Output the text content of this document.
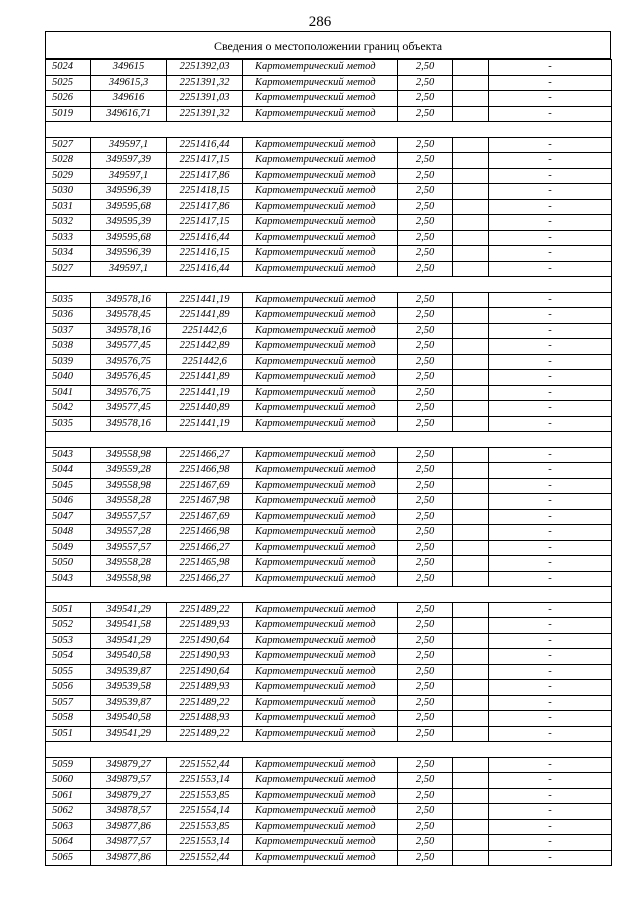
286
Сведения о местоположении границ объекта
5024	349615	2251392,03	Картометрический метод	2,50		-
5025	349615,3	2251391,32	Картометрический метод	2,50		-
5026	349616	2251391,03	Картометрический метод	2,50		-
5019	349616,71	2251391,32	Картометрический метод	2,50		-

5027	349597,1	2251416,44	Картометрический метод	2,50		-
5028	349597,39	2251417,15	Картометрический метод	2,50		-
5029	349597,1	2251417,86	Картометрический метод	2,50		-
5030	349596,39	2251418,15	Картометрический метод	2,50		-
5031	349595,68	2251417,86	Картометрический метод	2,50		-
5032	349595,39	2251417,15	Картометрический метод	2,50		-
5033	349595,68	2251416,44	Картометрический метод	2,50		-
5034	349596,39	2251416,15	Картометрический метод	2,50		-
5027	349597,1	2251416,44	Картометрический метод	2,50		-

5035	349578,16	2251441,19	Картометрический метод	2,50		-
5036	349578,45	2251441,89	Картометрический метод	2,50		-
5037	349578,16	2251442,6	Картометрический метод	2,50		-
5038	349577,45	2251442,89	Картометрический метод	2,50		-
5039	349576,75	2251442,6	Картометрический метод	2,50		-
5040	349576,45	2251441,89	Картометрический метод	2,50		-
5041	349576,75	2251441,19	Картометрический метод	2,50		-
5042	349577,45	2251440,89	Картометрический метод	2,50		-
5035	349578,16	2251441,19	Картометрический метод	2,50		-

5043	349558,98	2251466,27	Картометрический метод	2,50		-
5044	349559,28	2251466,98	Картометрический метод	2,50		-
5045	349558,98	2251467,69	Картометрический метод	2,50		-
5046	349558,28	2251467,98	Картометрический метод	2,50		-
5047	349557,57	2251467,69	Картометрический метод	2,50		-
5048	349557,28	2251466,98	Картометрический метод	2,50		-
5049	349557,57	2251466,27	Картометрический метод	2,50		-
5050	349558,28	2251465,98	Картометрический метод	2,50		-
5043	349558,98	2251466,27	Картометрический метод	2,50		-

5051	349541,29	2251489,22	Картометрический метод	2,50		-
5052	349541,58	2251489,93	Картометрический метод	2,50		-
5053	349541,29	2251490,64	Картометрический метод	2,50		-
5054	349540,58	2251490,93	Картометрический метод	2,50		-
5055	349539,87	2251490,64	Картометрический метод	2,50		-
5056	349539,58	2251489,93	Картометрический метод	2,50		-
5057	349539,87	2251489,22	Картометрический метод	2,50		-
5058	349540,58	2251488,93	Картометрический метод	2,50		-
5051	349541,29	2251489,22	Картометрический метод	2,50		-

5059	349879,27	2251552,44	Картометрический метод	2,50		-
5060	349879,57	2251553,14	Картометрический метод	2,50		-
5061	349879,27	2251553,85	Картометрический метод	2,50		-
5062	349878,57	2251554,14	Картометрический метод	2,50		-
5063	349877,86	2251553,85	Картометрический метод	2,50		-
5064	349877,57	2251553,14	Картометрический метод	2,50		-
5065	349877,86	2251552,44	Картометрический метод	2,50		-
